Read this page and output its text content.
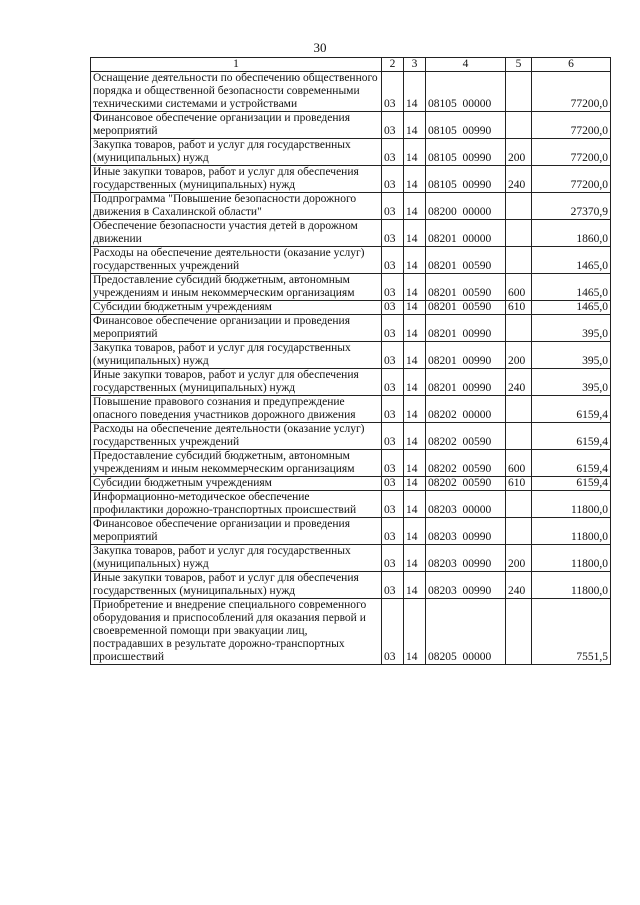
30
1	2	3	4	5	6
Оснащение деятельности по обеспечению общественного порядка и общественной безопасности современными техническими системами и устройствами	03	14	08105  00000		77200,0
Финансовое обеспечение организации и проведения мероприятий	03	14	08105  00990		77200,0
Закупка товаров, работ и услуг для государственных (муниципальных) нужд	03	14	08105  00990	200	77200,0
Иные закупки товаров, работ и услуг для обеспечения государственных (муниципальных) нужд	03	14	08105  00990	240	77200,0
Подпрограмма "Повышение безопасности дорожного движения в Сахалинской области"	03	14	08200  00000		27370,9
Обеспечение безопасности участия детей в дорожном движении	03	14	08201  00000		1860,0
Расходы на обеспечение деятельности (оказание услуг) государственных учреждений	03	14	08201  00590		1465,0
Предоставление субсидий бюджетным, автономным учреждениям и иным некоммерческим организациям	03	14	08201  00590	600	1465,0
Субсидии бюджетным учреждениям	03	14	08201  00590	610	1465,0
Финансовое обеспечение организации и проведения мероприятий	03	14	08201  00990		395,0
Закупка товаров, работ и услуг для государственных (муниципальных) нужд	03	14	08201  00990	200	395,0
Иные закупки товаров, работ и услуг для обеспечения государственных (муниципальных) нужд	03	14	08201  00990	240	395,0
Повышение правового сознания и предупреждение опасного поведения участников дорожного движения	03	14	08202  00000		6159,4
Расходы на обеспечение деятельности (оказание услуг) государственных учреждений	03	14	08202  00590		6159,4
Предоставление субсидий бюджетным, автономным учреждениям и иным некоммерческим организациям	03	14	08202  00590	600	6159,4
Субсидии бюджетным учреждениям	03	14	08202  00590	610	6159,4
Информационно-методическое обеспечение профилактики дорожно-транспортных происшествий	03	14	08203  00000		11800,0
Финансовое обеспечение организации и проведения мероприятий	03	14	08203  00990		11800,0
Закупка товаров, работ и услуг для государственных (муниципальных) нужд	03	14	08203  00990	200	11800,0
Иные закупки товаров, работ и услуг для обеспечения государственных (муниципальных) нужд	03	14	08203  00990	240	11800,0
Приобретение и внедрение специального современного оборудования и приспособлений для оказания первой и своевременной помощи при эвакуации лиц, пострадавших в результате дорожно-транспортных происшествий	03	14	08205  00000		7551,5
